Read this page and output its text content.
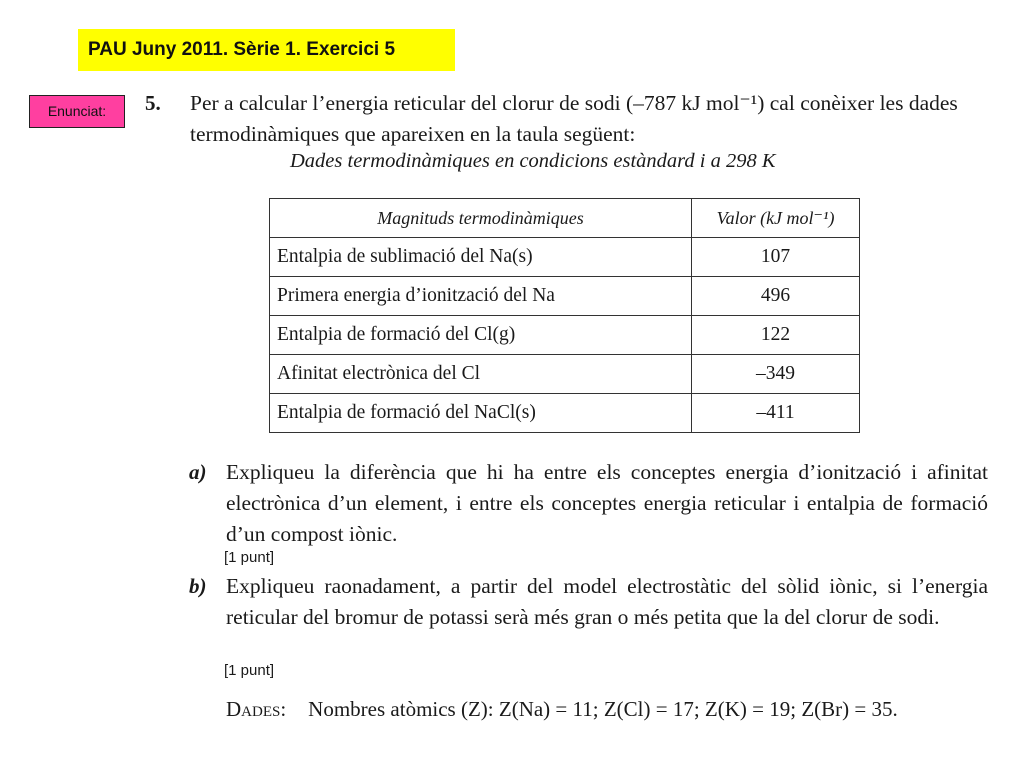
PAU Juny 2011. Sèrie 1. Exercici 5
Enunciat:	5. Per a calcular l’energia reticular del clorur de sodi (–787 kJ mol⁻¹) cal conèixer les dades termodinàmiques que apareixen en la taula següent:

Dades termodinàmiques en condicions estàndard i a 298 K
Magnituds termodinàmiques	Valor (kJ mol⁻¹)
Entalpia de sublimació del Na(s)	107
Primera energia d’ionització del Na	496
Entalpia de formació del Cl(g)	122
Afinitat electrònica del Cl	–349
Entalpia de formació del NaCl(s)	–411
a) Expliqueu la diferència que hi ha entre els conceptes energia d’ionització i afinitat electrònica d’un element, i entre els conceptes energia reticular i entalpia de formació d’un compost iònic.

[1 punt]
b) Expliqueu raonadament, a partir del model electrostàtic del sòlid iònic, si l’energia reticular del bromur de potassi serà més gran o més petita que la del clorur de sodi.

[1 punt]
Dades: Nombres atòmics (Z): Z(Na) = 11; Z(Cl) = 17; Z(K) = 19; Z(Br) = 35.
